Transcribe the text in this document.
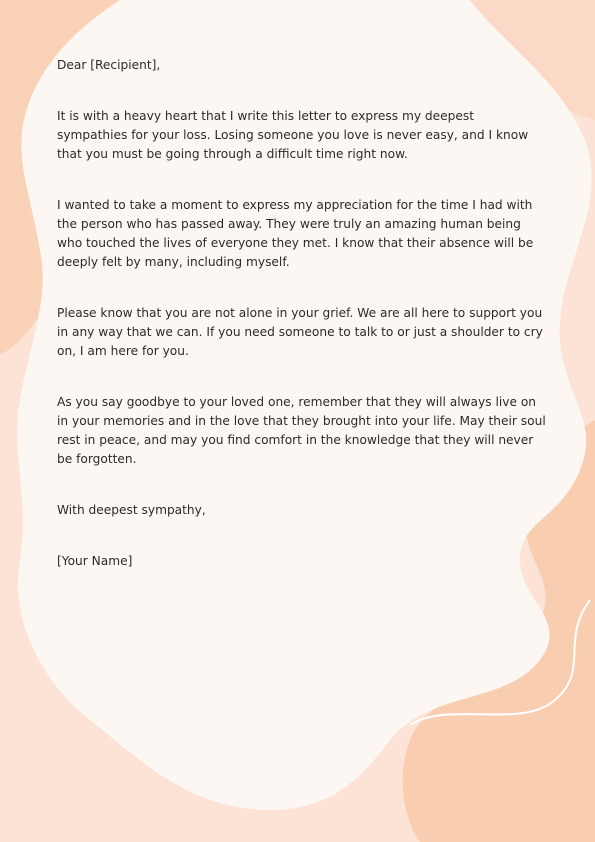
Dear [Recipient],

It is with a heavy heart that I write this letter to express my deepest sympathies for your loss. Losing someone you love is never easy, and I know that you must be going through a difficult time right now.

I wanted to take a moment to express my appreciation for the time I had with the person who has passed away. They were truly an amazing human being who touched the lives of everyone they met. I know that their absence will be deeply felt by many, including myself.

Please know that you are not alone in your grief. We are all here to support you in any way that we can. If you need someone to talk to or just a shoulder to cry on, I am here for you.

As you say goodbye to your loved one, remember that they will always live on in your memories and in the love that they brought into your life. May their soul rest in peace, and may you find comfort in the knowledge that they will never be forgotten.

With deepest sympathy,

[Your Name]
